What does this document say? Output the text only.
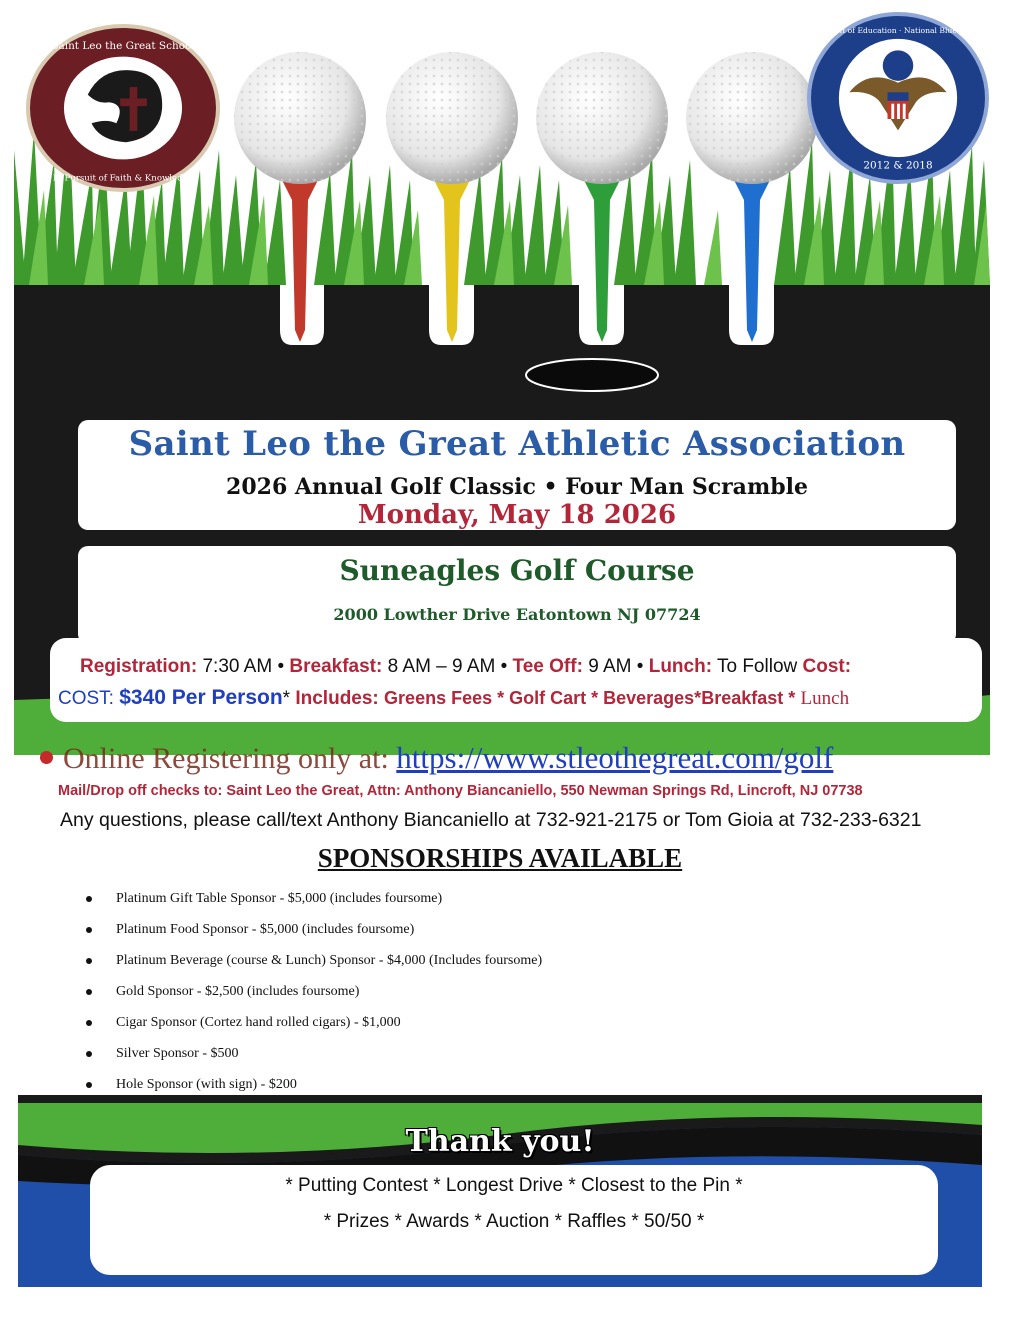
Saint Leo the Great School
In Pursuit of Faith & Knowledge
U.S. Department of Education · National Blue Ribbon School
2012 & 2018
Saint Leo the Great Athletic Association
2026 Annual Golf Classic • Four Man Scramble
Monday, May 18 2026
Suneagles Golf Course
2000 Lowther Drive Eatontown NJ 07724
Registration: 7:30 AM • Breakfast: 8 AM – 9 AM • Tee Off: 9 AM • Lunch: To Follow Cost:
COST: $340 Per Person* Includes: Greens Fees * Golf Cart * Beverages*Breakfast * Lunch
Online Registering only at: https://www.stleothegreat.com/golf
Mail/Drop off checks to: Saint Leo the Great, Attn: Anthony Biancaniello, 550 Newman Springs Rd, Lincroft, NJ 07738
Any questions, please call/text Anthony Biancaniello at 732-921-2175 or Tom Gioia at 732-233-6321
SPONSORSHIPS AVAILABLE
Platinum Gift Table Sponsor - $5,000 (includes foursome)
Platinum Food Sponsor - $5,000 (includes foursome)
Platinum Beverage (course & Lunch) Sponsor - $4,000 (Includes foursome)
Gold Sponsor - $2,500 (includes foursome)
Cigar Sponsor (Cortez hand rolled cigars) - $1,000
Silver Sponsor - $500
Hole Sponsor (with sign) - $200
Thank you!
* Putting Contest * Longest Drive * Closest to the Pin *
* Prizes * Awards * Auction * Raffles * 50/50 *
